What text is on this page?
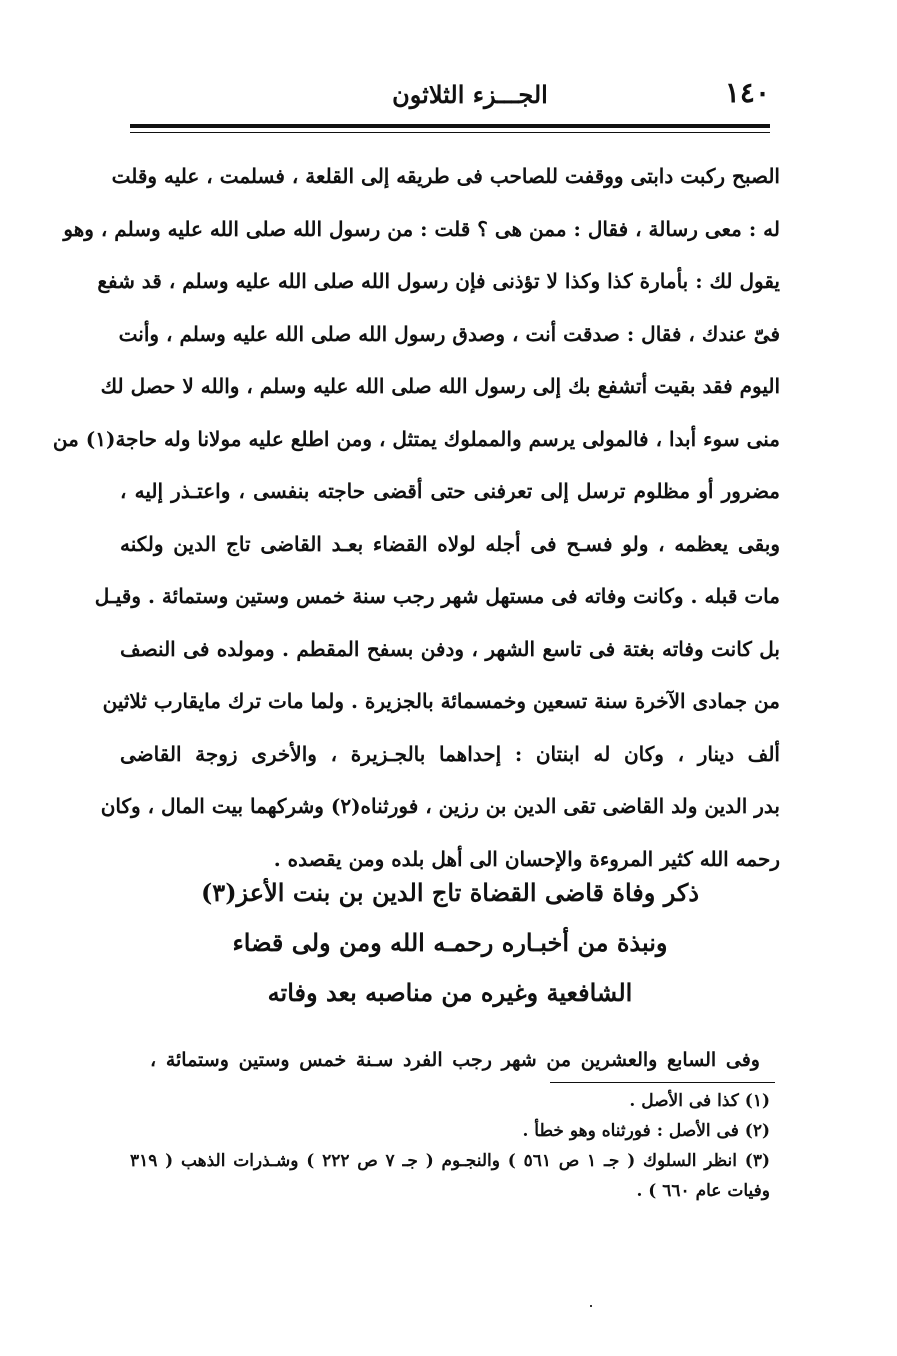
١٤٠
الجـــزء الثلاثون
الصبح ركبت دابتى ووقفت للصاحب فى طريقه إلى القلعة ، فسلمت ، عليه وقلت
له : معى رسالة ، فقال : ممن هى ؟ قلت : من رسول الله صلى الله عليه وسلم ، وهو
يقول لك : بأمارة كذا وكذا لا تؤذنى فإن رسول الله صلى الله عليه وسلم ، قد شفع
فىّ عندك ، فقال : صدقت أنت ، وصدق رسول الله صلى الله عليه وسلم ، وأنت
اليوم فقد بقيت أتشفع بك إلى رسول الله صلى الله عليه وسلم ، والله لا حصل لك
منى سوء أبدا ، فالمولى يرسم والمملوك يمتثل ، ومن اطلع عليه مولانا وله حاجة(١) من
مضرور أو مظلوم ترسل إلى تعرفنى حتى أقضى حاجته بنفسى ، واعتـذر إليه ،
وبقى يعظمه ، ولو فسـح فى أجله لولاه القضاء بعـد القاضى تاج الدين ولكنه
مات قبله . وكانت وفاته فى مستهل شهر رجب سنة خمس وستين وستمائة . وقيـل
بل كانت وفاته بغتة فى تاسع الشهر ، ودفن بسفح المقطم . ومولده فى النصف
من جمادى الآخرة سنة تسعين وخمسمائة بالجزيرة . ولما مات ترك مايقارب ثلاثين
ألف دينار ، وكان له ابنتان : إحداهما بالجـزيرة ، والأخرى زوجة القاضى
بدر الدين ولد القاضى تقى الدين بن رزين ، فورثناه(٢) وشركهما بيت المال ، وكان
رحمه الله كثير المروءة والإحسان الى أهل بلده ومن يقصده .
ذكر وفاة قاضى القضاة تاج الدين بن بنت الأعز(٣)
ونبذة من أخبـاره رحمـه الله ومن ولى قضاء
الشافعية وغيره من مناصبه بعد وفاته
وفى السابع والعشرين من شهر رجب الفرد سـنة خمس وستين وستمائة ،
(١) كذا فى الأصل .
(٢) فى الأصل : فورثناه وهو خطأ .
(٣) انظر السلوك ( جـ ١ ص ٥٦١ ) والنجـوم ( جـ ٧ ص ٢٢٢ ) وشـذرات الذهب ( ٣١٩
وفيات عام ٦٦٠ ) .
